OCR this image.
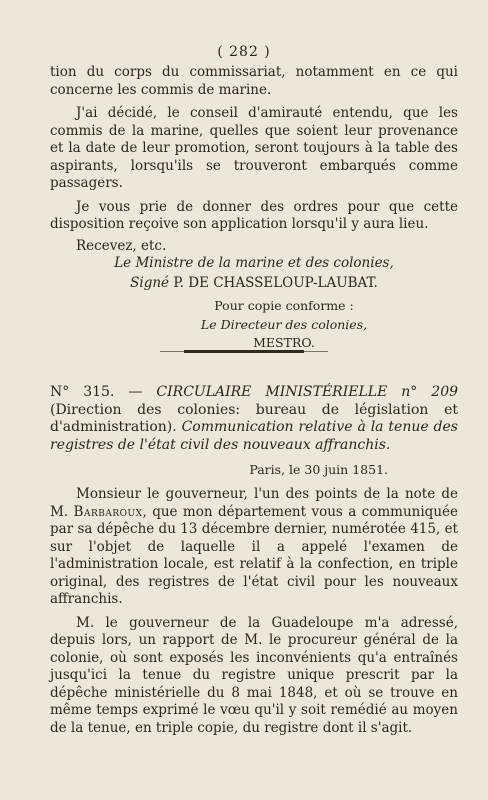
( 282 )

tion du corps du commissariat, notamment en ce qui concerne les commis de marine.

J'ai décidé, le conseil d'amirauté entendu, que les commis de la marine, quelles que soient leur provenance et la date de leur promotion, seront toujours à la table des aspirants, lorsqu'ils se trouveront embarqués comme passagers.

Je vous prie de donner des ordres pour que cette disposition reçoive son application lorsqu'il y aura lieu.

Recevez, etc.

Le Ministre de la marine et des colonies,
Signé P. DE CHASSELOUP-LAUBAT.
Pour copie conforme :
Le Directeur des colonies,
MESTRO.

N° 315. — CIRCULAIRE MINISTÉRIELLE n° 209 (Direction des colonies: bureau de législation et d'administration). Communication relative à la tenue des registres de l'état civil des nouveaux affranchis.

Paris, le 30 juin 1851.

Monsieur le gouverneur, l'un des points de la note de M. Barbaroux, que mon département vous a communiquée par sa dépêche du 13 décembre dernier, numérotée 415, et sur l'objet de laquelle il a appelé l'examen de l'administration locale, est relatif à la confection, en triple original, des registres de l'état civil pour les nouveaux affranchis.

M. le gouverneur de la Guadeloupe m'a adressé, depuis lors, un rapport de M. le procureur général de la colonie, où sont exposés les inconvénients qu'a entraînés jusqu'ici la tenue du registre unique prescrit par la dépêche ministérielle du 8 mai 1848, et où se trouve en même temps exprimé le vœu qu'il y soit remédié au moyen de la tenue, en triple copie, du registre dont il s'agit.
